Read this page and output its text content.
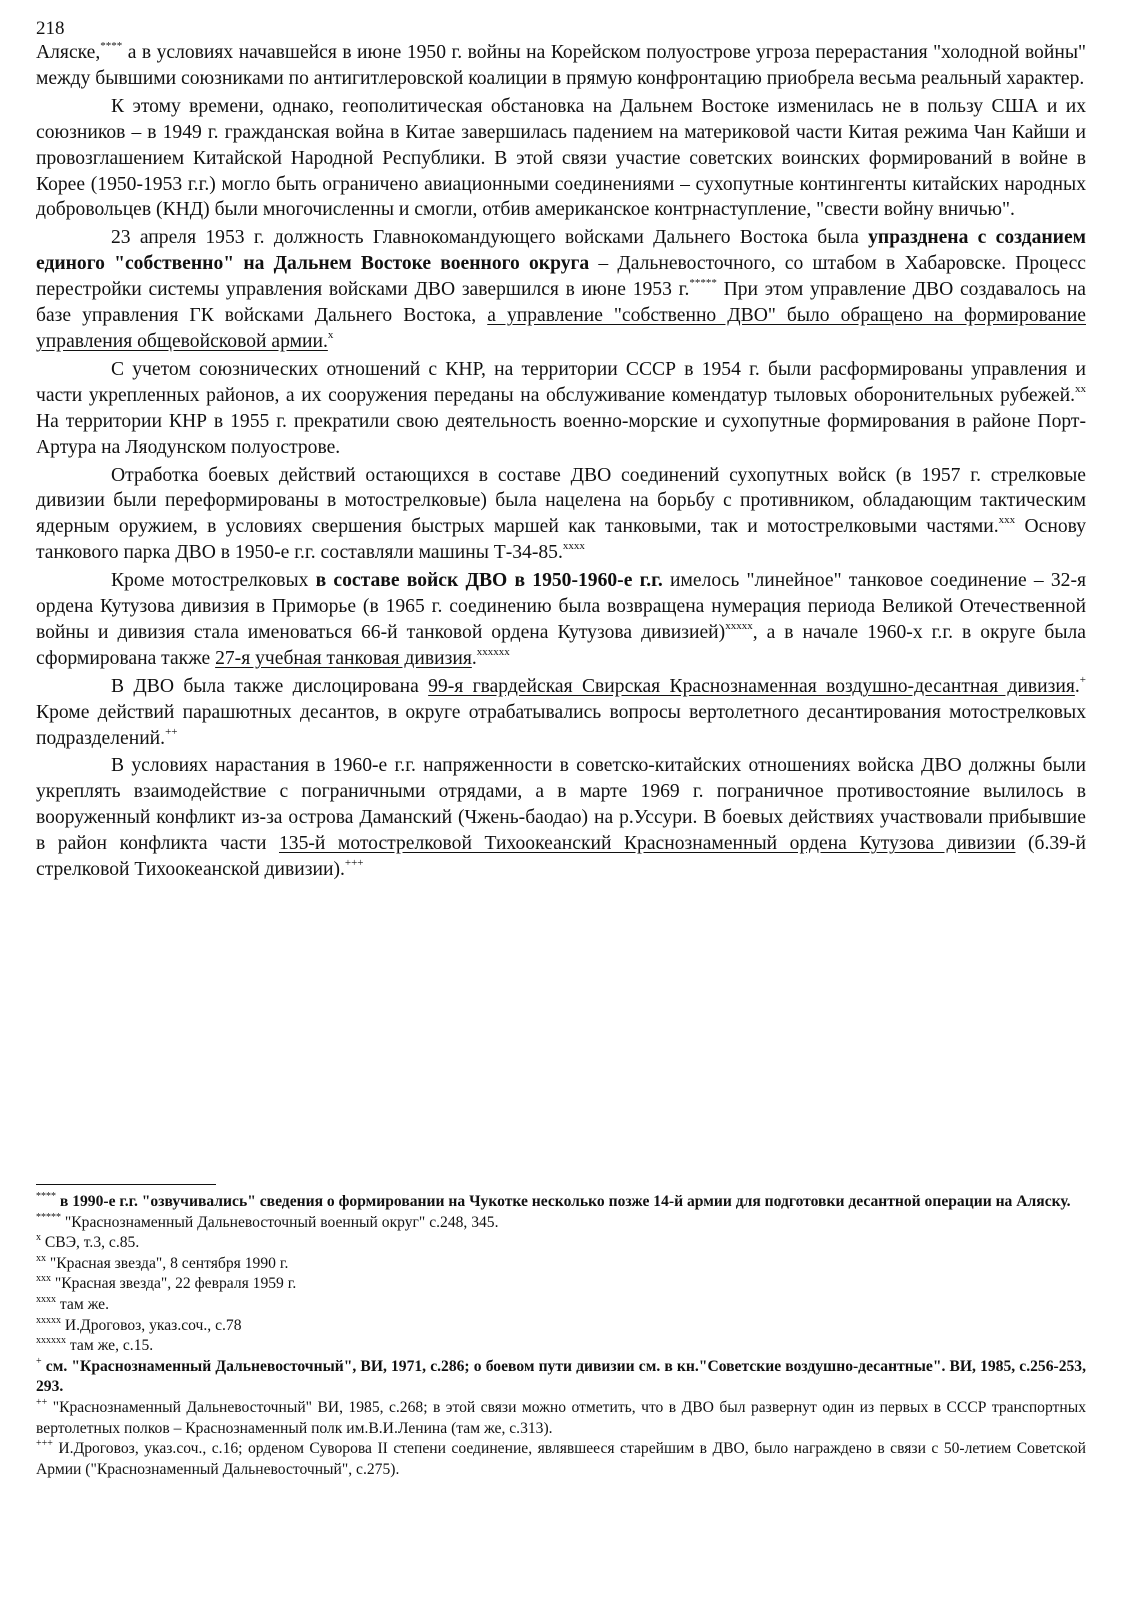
218

Аляске,**** а в условиях начавшейся в июне 1950 г. войны на Корейском полуострове угроза перерастания "холодной войны" между бывшими союзниками по антигитлеровской коалиции в прямую конфронтацию приобрела весьма реальный характер.

К этому времени, однако, геополитическая обстановка на Дальнем Востоке изменилась не в пользу США и их союзников – в 1949 г. гражданская война в Китае завершилась падением на материковой части Китая режима Чан Кайши и провозглашением Китайской Народной Республики. В этой связи участие советских воинских формирований в войне в Корее (1950-1953 г.г.) могло быть ограничено авиационными соединениями – сухопутные контингенты китайских народных добровольцев (КНД) были многочисленны и смогли, отбив американское контрнаступление, "свести войну вничью".

23 апреля 1953 г. должность Главнокомандующего войсками Дальнего Востока была упразднена с созданием единого "собственно" на Дальнем Востоке военного округа – Дальневосточного, со штабом в Хабаровске. Процесс перестройки системы управления войсками ДВО завершился в июне 1953 г.***** При этом управление ДВО создавалось на базе управления ГК войсками Дальнего Востока, а управление "собственно ДВО" было обращено на формирование управления общевойсковой армии.$^x$

С учетом союзнических отношений с КНР, на территории СССР в 1954 г. были расформированы управления и части укрепленных районов, а их сооружения переданы на обслуживание комендатур тыловых оборонительных рубежей.$^{xx}$ На территории КНР в 1955 г. прекратили свою деятельность военно-морские и сухопутные формирования в районе Порт-Артура на Ляодунском полуострове.

Отработка боевых действий остающихся в составе ДВО соединений сухопутных войск (в 1957 г. стрелковые дивизии были переформированы в мотострелковые) была нацелена на борьбу с противником, обладающим тактическим ядерным оружием, в условиях свершения быстрых маршей как танковыми, так и мотострелковыми частями.$^{xxx}$ Основу танкового парка ДВО в 1950-е г.г. составляли машины Т-34-85.$^{xxxx}$

Кроме мотострелковых в составе войск ДВО в 1950-1960-е г.г. имелось "линейное" танковое соединение – 32-я ордена Кутузова дивизия в Приморье (в 1965 г. соединению была возвращена нумерация периода Великой Отечественной войны и дивизия стала именоваться 66-й танковой ордена Кутузова дивизией)$^{xxxxx}$, а в начале 1960-х г.г. в округе была сформирована также 27-я учебная танковая дивизия.$^{xxxxxx}$

В ДВО была также дислоцирована 99-я гвардейская Свирская Краснознаменная воздушно-десантная дивизия.+ Кроме действий парашютных десантов, в округе отрабатывались вопросы вертолетного десантирования мотострелковых подразделений.++

В условиях нарастания в 1960-е г.г. напряженности в советско-китайских отношениях войска ДВО должны были укреплять взаимодействие с пограничными отрядами, а в марте 1969 г. пограничное противостояние вылилось в вооруженный конфликт из-за острова Даманский (Чжень-баодао) на р.Уссури. В боевых действиях участвовали прибывшие в район конфликта части 135-й мотострелковой Тихоокеанский Краснознаменный ордена Кутузова дивизии (б.39-й стрелковой Тихоокеанской дивизии).+++

**** в 1990-е г.г. "озвучивались" сведения о формировании на Чукотке несколько позже 14-й армии для подготовки десантной операции на Аляску.

***** "Краснознаменный Дальневосточный военный округ" с.248, 345.

$^x$ СВЭ, т.3, с.85.

$^{xx}$ "Красная звезда", 8 сентября 1990 г.

$^{xxx}$ "Красная звезда", 22 февраля 1959 г.

$^{xxxx}$ там же.

$^{xxxxx}$ И.Дроговоз, указ.соч., с.78

$^{xxxxxx}$ там же, с.15.

+ см. "Краснознаменный Дальневосточный", ВИ, 1971, с.286; о боевом пути дивизии см. в кн."Советские воздушно-десантные". ВИ, 1985, с.256-253, 293.

++ "Краснознаменный Дальневосточный" ВИ, 1985, с.268; в этой связи можно отметить, что в ДВО был развернут один из первых в СССР транспортных вертолетных полков – Краснознаменный полк им.В.И.Ленина (там же, с.313).

+++ И.Дроговоз, указ.соч., с.16; орденом Суворова II степени соединение, являвшееся старейшим в ДВО, было награждено в связи с 50-летием Советской Армии ("Краснознаменный Дальневосточный", с.275).
